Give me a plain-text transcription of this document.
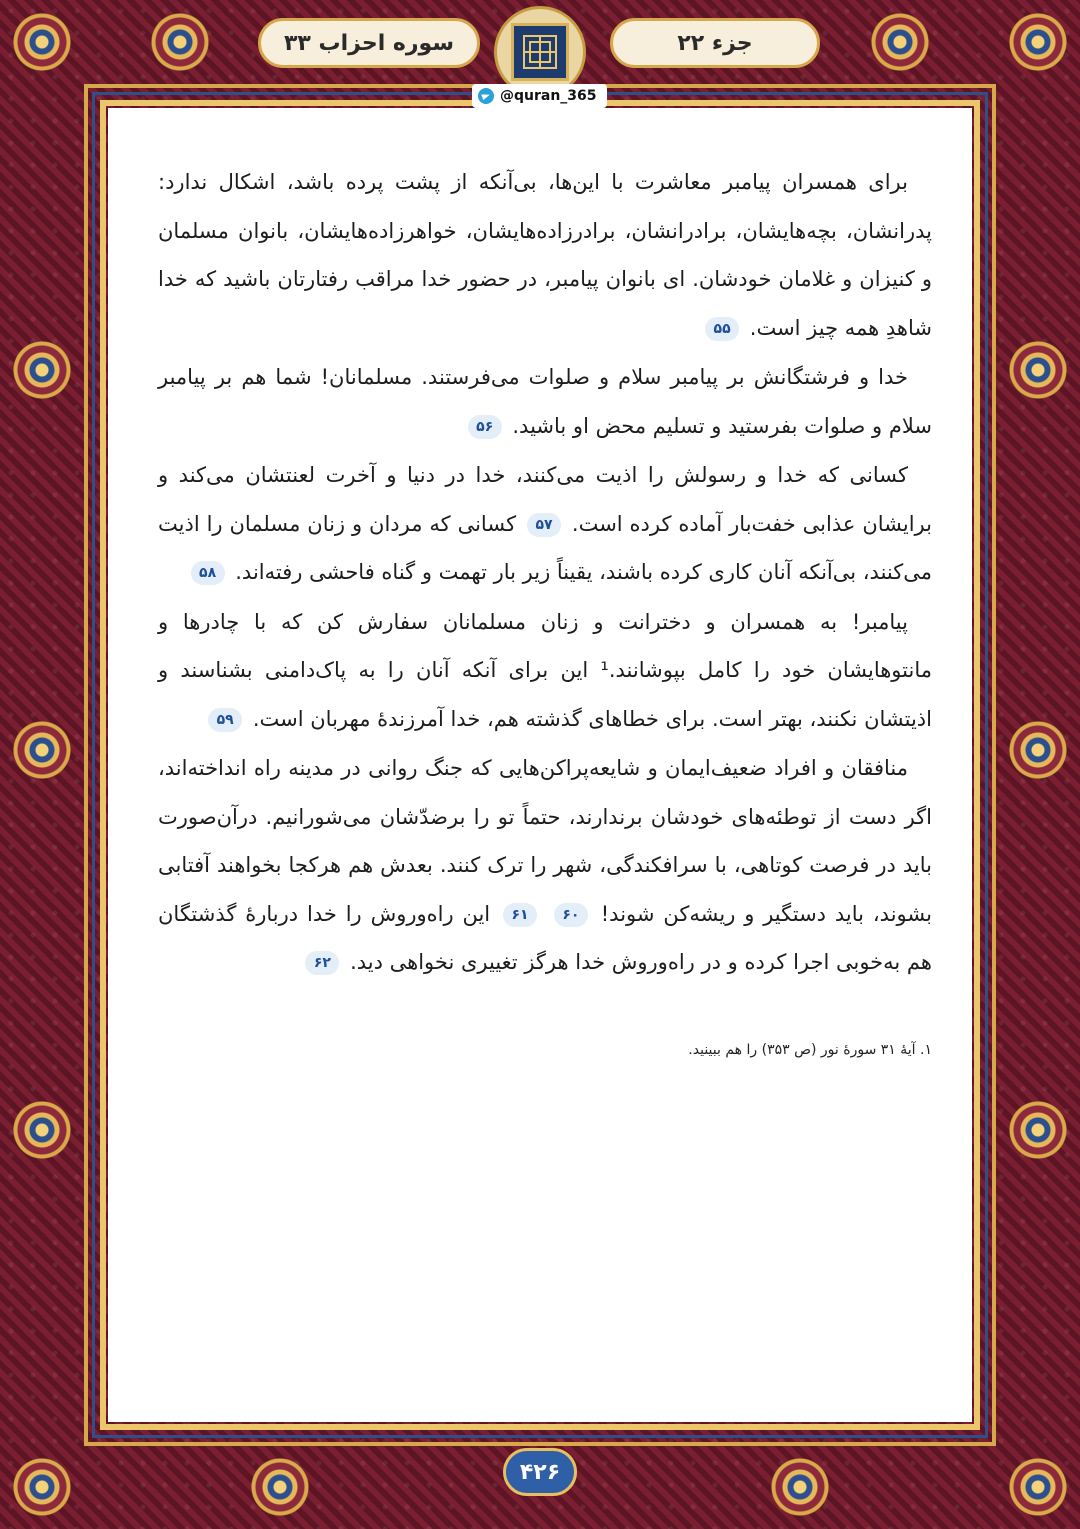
سوره احزاب ۳۳	جزء ۲۲
@quran_365

برای همسران پیامبر معاشرت با این‌ها، بی‌آنکه از پشت پرده باشد، اشکال ندارد: پدرانشان، بچه‌هایشان، برادرانشان، برادرزاده‌هایشان، خواهرزاده‌هایشان، بانوان مسلمان و کنیزان و غلامان خودشان. ای بانوان پیامبر، در حضور خدا مراقب رفتارتان باشید که خدا شاهدِ همه چیز است. ۵۵

خدا و فرشتگانش بر پیامبر سلام و صلوات می‌فرستند. مسلمانان! شما هم بر پیامبر سلام و صلوات بفرستید و تسلیم محض او باشید. ۵۶

کسانی که خدا و رسولش را اذیت می‌کنند، خدا در دنیا و آخرت لعنتشان می‌کند و برایشان عذابی خفت‌بار آماده کرده است. ۵۷ کسانی که مردان و زنان مسلمان را اذیت می‌کنند، بی‌آنکه آنان کاری کرده باشند، یقیناً زیر بار تهمت و گناه فاحشی رفته‌اند. ۵۸

پیامبر! به همسران و دخترانت و زنان مسلمانان سفارش کن که با چادرها و مانتوهایشان خود را کامل بپوشانند.¹ این برای آنکه آنان را به پاک‌دامنی بشناسند و اذیتشان نکنند، بهتر است. برای خطاهای گذشته هم، خدا آمرزندهٔ مهربان است. ۵۹

منافقان و افراد ضعیف‌ایمان و شایعه‌پراکن‌هایی که جنگ روانی در مدینه راه انداخته‌اند، اگر دست از توطئه‌های خودشان برندارند، حتماً تو را برضدّشان می‌شورانیم. درآن‌صورت باید در فرصت کوتاهی، با سرافکندگی، شهر را ترک کنند. بعدش هم هرکجا بخواهند آفتابی بشوند، باید دستگیر و ریشه‌کن شوند! ۶۰ ۶۱ این راه‌وروش را خدا دربارهٔ گذشتگان هم به‌خوبی اجرا کرده و در راه‌وروش خدا هرگز تغییری نخواهی دید. ۶۲

۱. آیهٔ ۳۱ سورهٔ نور (ص ۳۵۳) را هم ببینید.
۴۲۶
